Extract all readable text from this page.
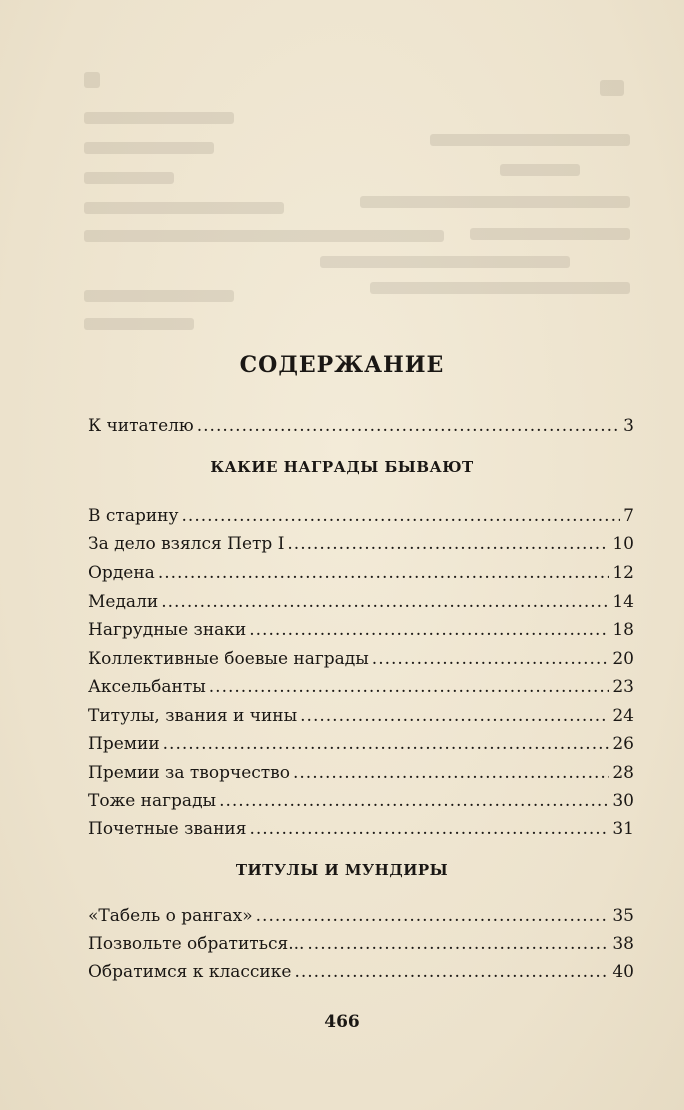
СОДЕРЖАНИЕ
К читателю .....	3
КАКИЕ НАГРАДЫ БЫВАЮТ
В старину .....	7
За дело взялся Петр I .....	10
Ордена .....	12
Медали .....	14
Нагрудные знаки .....	18
Коллективные боевые награды .....	20
Аксельбанты .....	23
Титулы, звания и чины .....	24
Премии .....	26
Премии за творчество .....	28
Тоже награды .....	30
Почетные звания .....	31
ТИТУЛЫ И МУНДИРЫ
«Табель о рангах» .....	35
Позвольте обратиться... .....	38
Обратимся к классике .....	40
466
